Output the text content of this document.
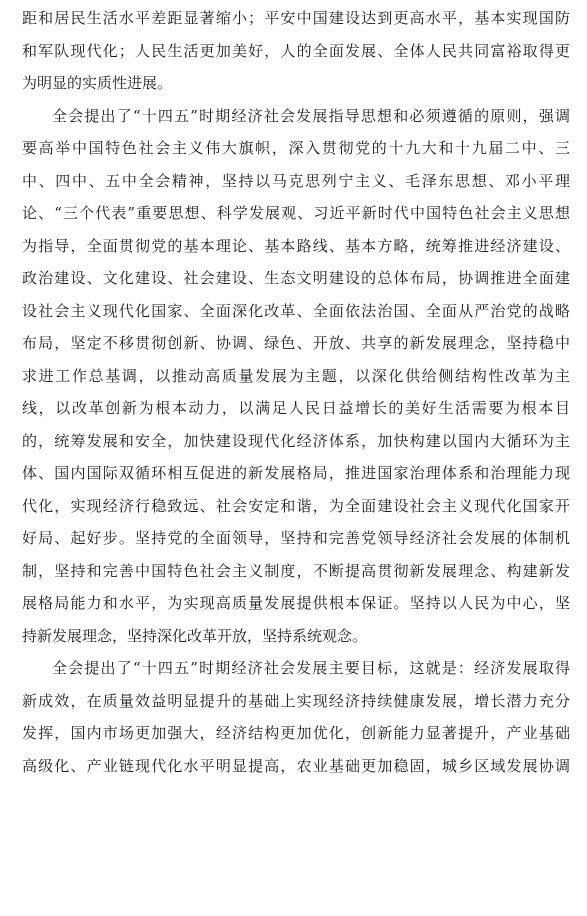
距和居民生活水平差距显著缩小；平安中国建设达到更高水平，基本实现国防
和军队现代化；人民生活更加美好，人的全面发展、全体人民共同富裕取得更
为明显的实质性进展。
全会提出了“十四五”时期经济社会发展指导思想和必须遵循的原则，强调
要高举中国特色社会主义伟大旗帜，深入贯彻党的十九大和十九届二中、三
中、四中、五中全会精神，坚持以马克思列宁主义、毛泽东思想、邓小平理
论、“三个代表”重要思想、科学发展观、习近平新时代中国特色社会主义思想
为指导，全面贯彻党的基本理论、基本路线、基本方略，统筹推进经济建设、
政治建设、文化建设、社会建设、生态文明建设的总体布局，协调推进全面建
设社会主义现代化国家、全面深化改革、全面依法治国、全面从严治党的战略
布局，坚定不移贯彻创新、协调、绿色、开放、共享的新发展理念，坚持稳中
求进工作总基调，以推动高质量发展为主题，以深化供给侧结构性改革为主
线，以改革创新为根本动力，以满足人民日益增长的美好生活需要为根本目
的，统筹发展和安全，加快建设现代化经济体系，加快构建以国内大循环为主
体、国内国际双循环相互促进的新发展格局，推进国家治理体系和治理能力现
代化，实现经济行稳致远、社会安定和谐，为全面建设社会主义现代化国家开
好局、起好步。坚持党的全面领导，坚持和完善党领导经济社会发展的体制机
制，坚持和完善中国特色社会主义制度，不断提高贯彻新发展理念、构建新发
展格局能力和水平，为实现高质量发展提供根本保证。坚持以人民为中心，坚
持新发展理念，坚持深化改革开放，坚持系统观念。
全会提出了“十四五”时期经济社会发展主要目标，这就是：经济发展取得
新成效，在质量效益明显提升的基础上实现经济持续健康发展，增长潜力充分
发挥，国内市场更加强大，经济结构更加优化，创新能力显著提升，产业基础
高级化、产业链现代化水平明显提高，农业基础更加稳固，城乡区域发展协调
